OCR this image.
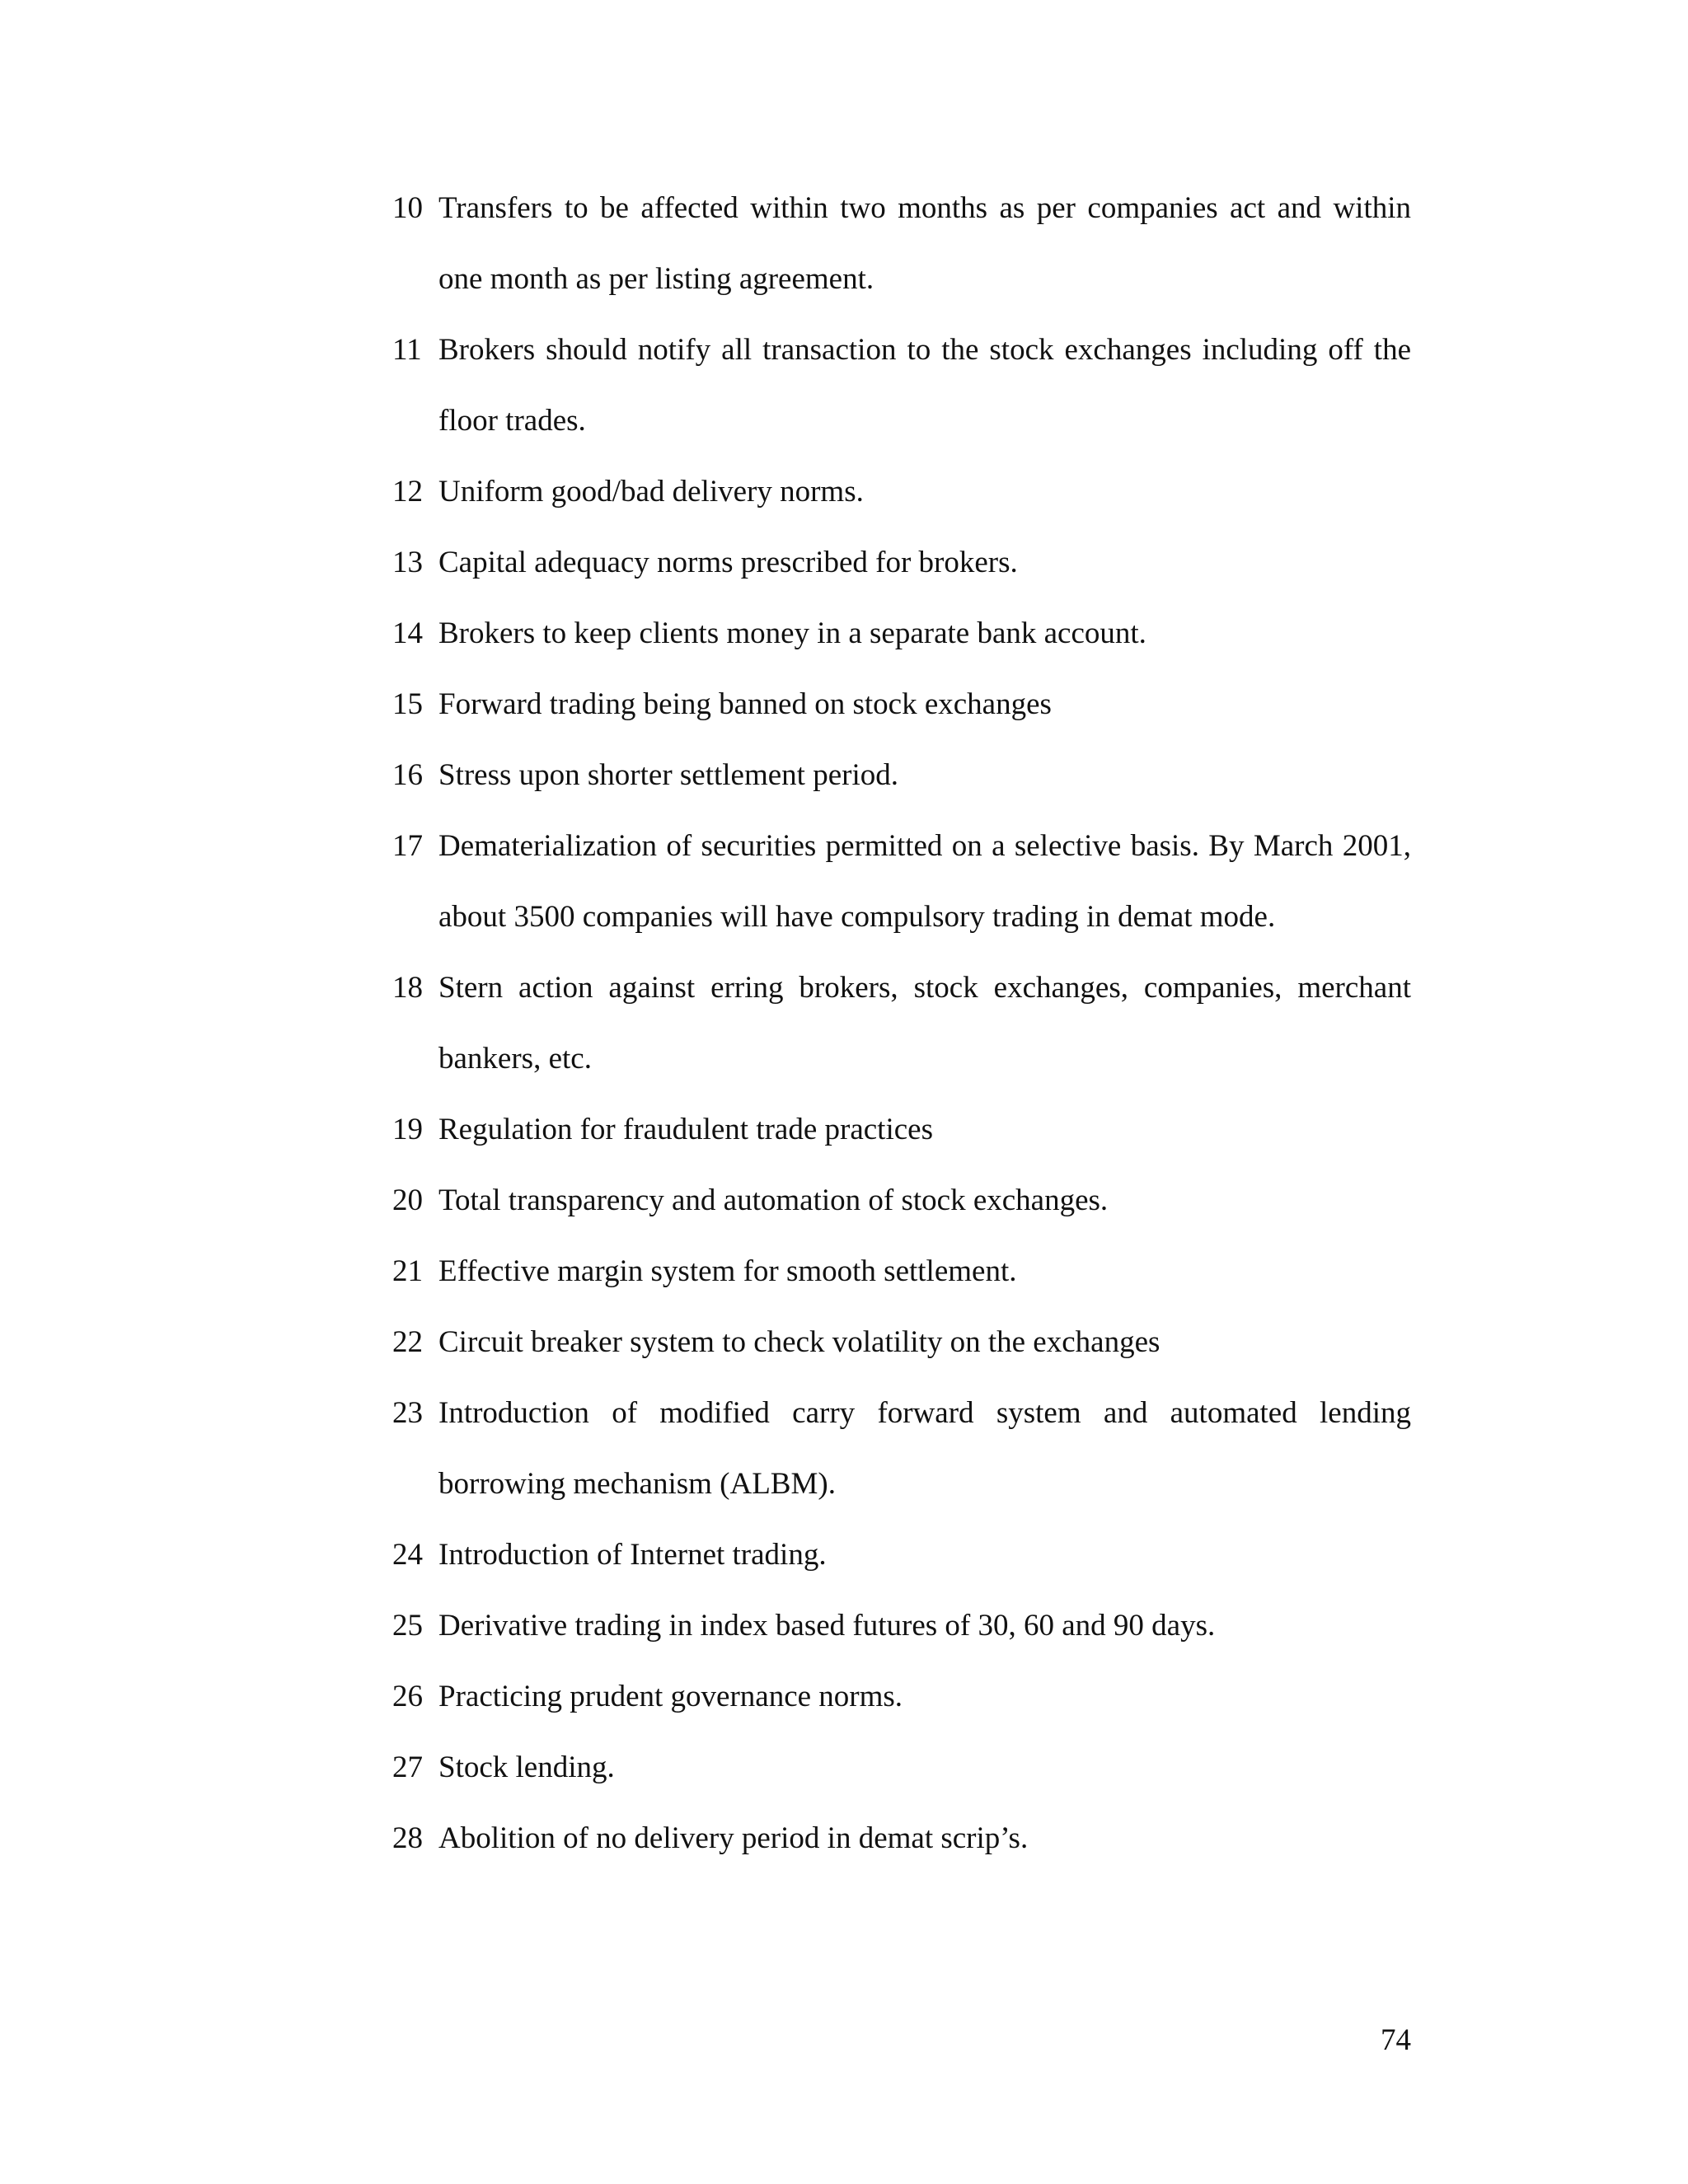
10 Transfers to be affected within two months as per companies act and within one month as per listing agreement.
11 Brokers should notify all transaction to the stock exchanges including off the floor trades.
12 Uniform good/bad delivery norms.
13 Capital adequacy norms prescribed for brokers.
14 Brokers to keep clients money in a separate bank account.
15 Forward trading being banned on stock exchanges
16 Stress upon shorter settlement period.
17 Dematerialization of securities permitted on a selective basis. By March 2001, about 3500 companies will have compulsory trading in demat mode.
18 Stern action against erring brokers, stock exchanges, companies, merchant bankers, etc.
19 Regulation for fraudulent trade practices
20 Total transparency and automation of stock exchanges.
21 Effective margin system for smooth settlement.
22 Circuit breaker system to check volatility on the exchanges
23 Introduction of modified carry forward system and automated lending borrowing mechanism (ALBM).
24 Introduction of Internet trading.
25 Derivative trading in index based futures of 30, 60 and 90 days.
26 Practicing prudent governance norms.
27 Stock lending.
28 Abolition of no delivery period in demat scrip’s.
74
